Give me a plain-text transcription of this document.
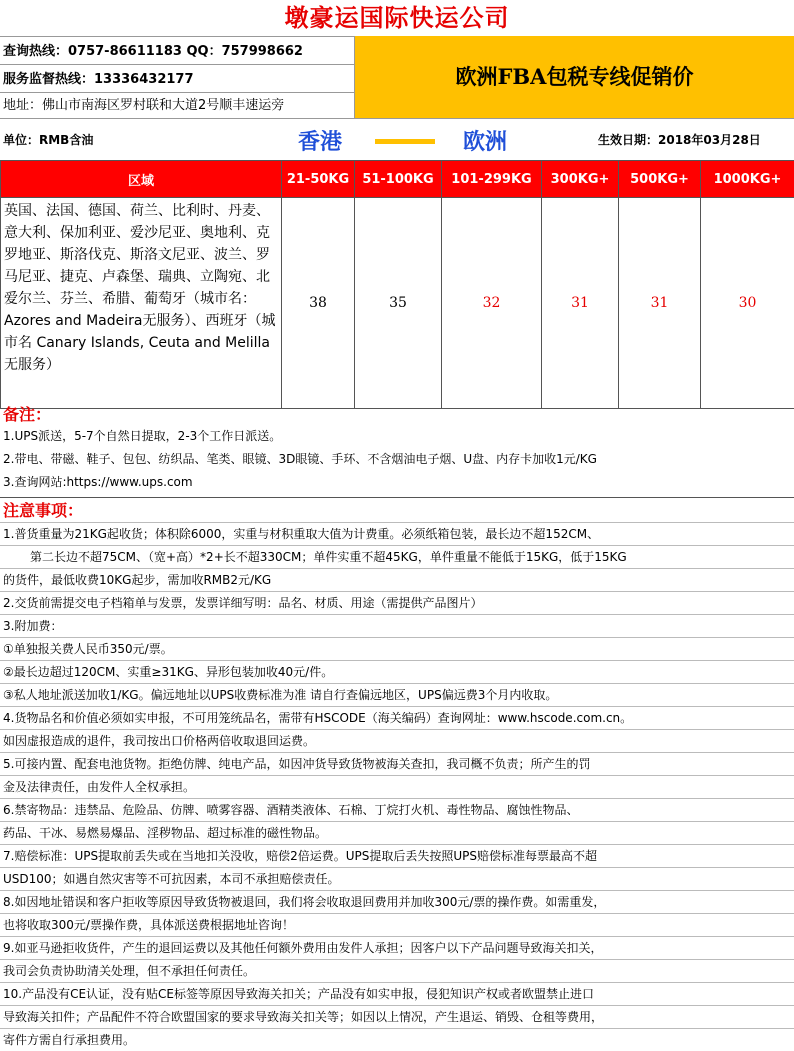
墩豪运国际快运公司
查询热线：0757-86611183 QQ：757998662
服务监督热线：13336432177
地址：佛山市南海区罗村联和大道2号顺丰速运旁
欧洲FBA包税专线促销价
单位：RMB含油	香港	欧洲	生效日期：2018年03月28日
区域	21-50KG	51-100KG	101-299KG	300KG+	500KG+	1000KG+
英国、法国、德国、荷兰、比利时、丹麦、 意大利、保加利亚、爱沙尼亚、奥地利、克罗地亚、斯洛伐克、斯洛文尼亚、波兰、罗马尼亚、捷克、卢森堡、瑞典、立陶宛、北爱尔兰、芬兰、希腊、葡萄牙（城市名：Azores and Madeira无服务）、西班牙（城市名 Canary Islands, Ceuta and Melilla无服务）	38	35	32	31	31	30
备注：
1.UPS派送，5-7个自然日提取，2-3个工作日派送。
2.带电、带磁、鞋子、包包、纺织品、笔类、眼镜、3D眼镜、手环、不含烟油电子烟、U盘、内存卡加收1元/KG
3.查询网站:https://www.ups.com
注意事项：
1.普货重量为21KG起收货；体积除6000，实重与材积重取大值为计费重。必须纸箱包装，最长边不超152CM、
第二长边不超75CM、（宽+高）*2+长不超330CM；单件实重不超45KG，单件重量不能低于15KG，低于15KG
的货件，最低收费10KG起步，需加收RMB2元/KG
2.交货前需提交电子档箱单与发票，发票详细写明：品名、材质、用途（需提供产品图片）
3.附加费：
①单独报关费人民币350元/票。
②最长边超过120CM、实重≥31KG、异形包装加收40元/件。
③私人地址派送加收1/KG。偏远地址以UPS收费标准为准 请自行查偏远地区，UPS偏远费3个月内收取。
4.货物品名和价值必须如实申报，不可用笼统品名，需带有HSCODE（海关编码）查询网址：www.hscode.com.cn。
如因虚报造成的退件，我司按出口价格两倍收取退回运费。
5.可接内置、配套电池货物。拒绝仿牌、纯电产品，如因冲货导致货物被海关查扣，我司概不负责；所产生的罚
金及法律责任，由发件人全权承担。
6.禁寄物品：违禁品、危险品、仿牌、喷雾容器、酒精类液体、石棉、丁烷打火机、毒性物品、腐蚀性物品、
药品、干冰、易燃易爆品、淫秽物品、超过标准的磁性物品。
7.赔偿标准：UPS提取前丢失或在当地扣关没收，赔偿2倍运费。UPS提取后丢失按照UPS赔偿标准每票最高不超
USD100；如遇自然灾害等不可抗因素，本司不承担赔偿责任。
8.如因地址错误和客户拒收等原因导致货物被退回，我们将会收取退回费用并加收300元/票的操作费。如需重发，
也将收取300元/票操作费，具体派送费根据地址咨询！
9.如亚马逊拒收货件，产生的退回运费以及其他任何额外费用由发件人承担；因客户以下产品问题导致海关扣关，
我司会负责协助清关处理，但不承担任何责任。
10.产品没有CE认证，没有贴CE标签等原因导致海关扣关；产品没有如实申报，侵犯知识产权或者欧盟禁止进口
导致海关扣件；产品配件不符合欧盟国家的要求导致海关扣关等；如因以上情况，产生退运、销毁、仓租等费用，
寄件方需自行承担费用。
